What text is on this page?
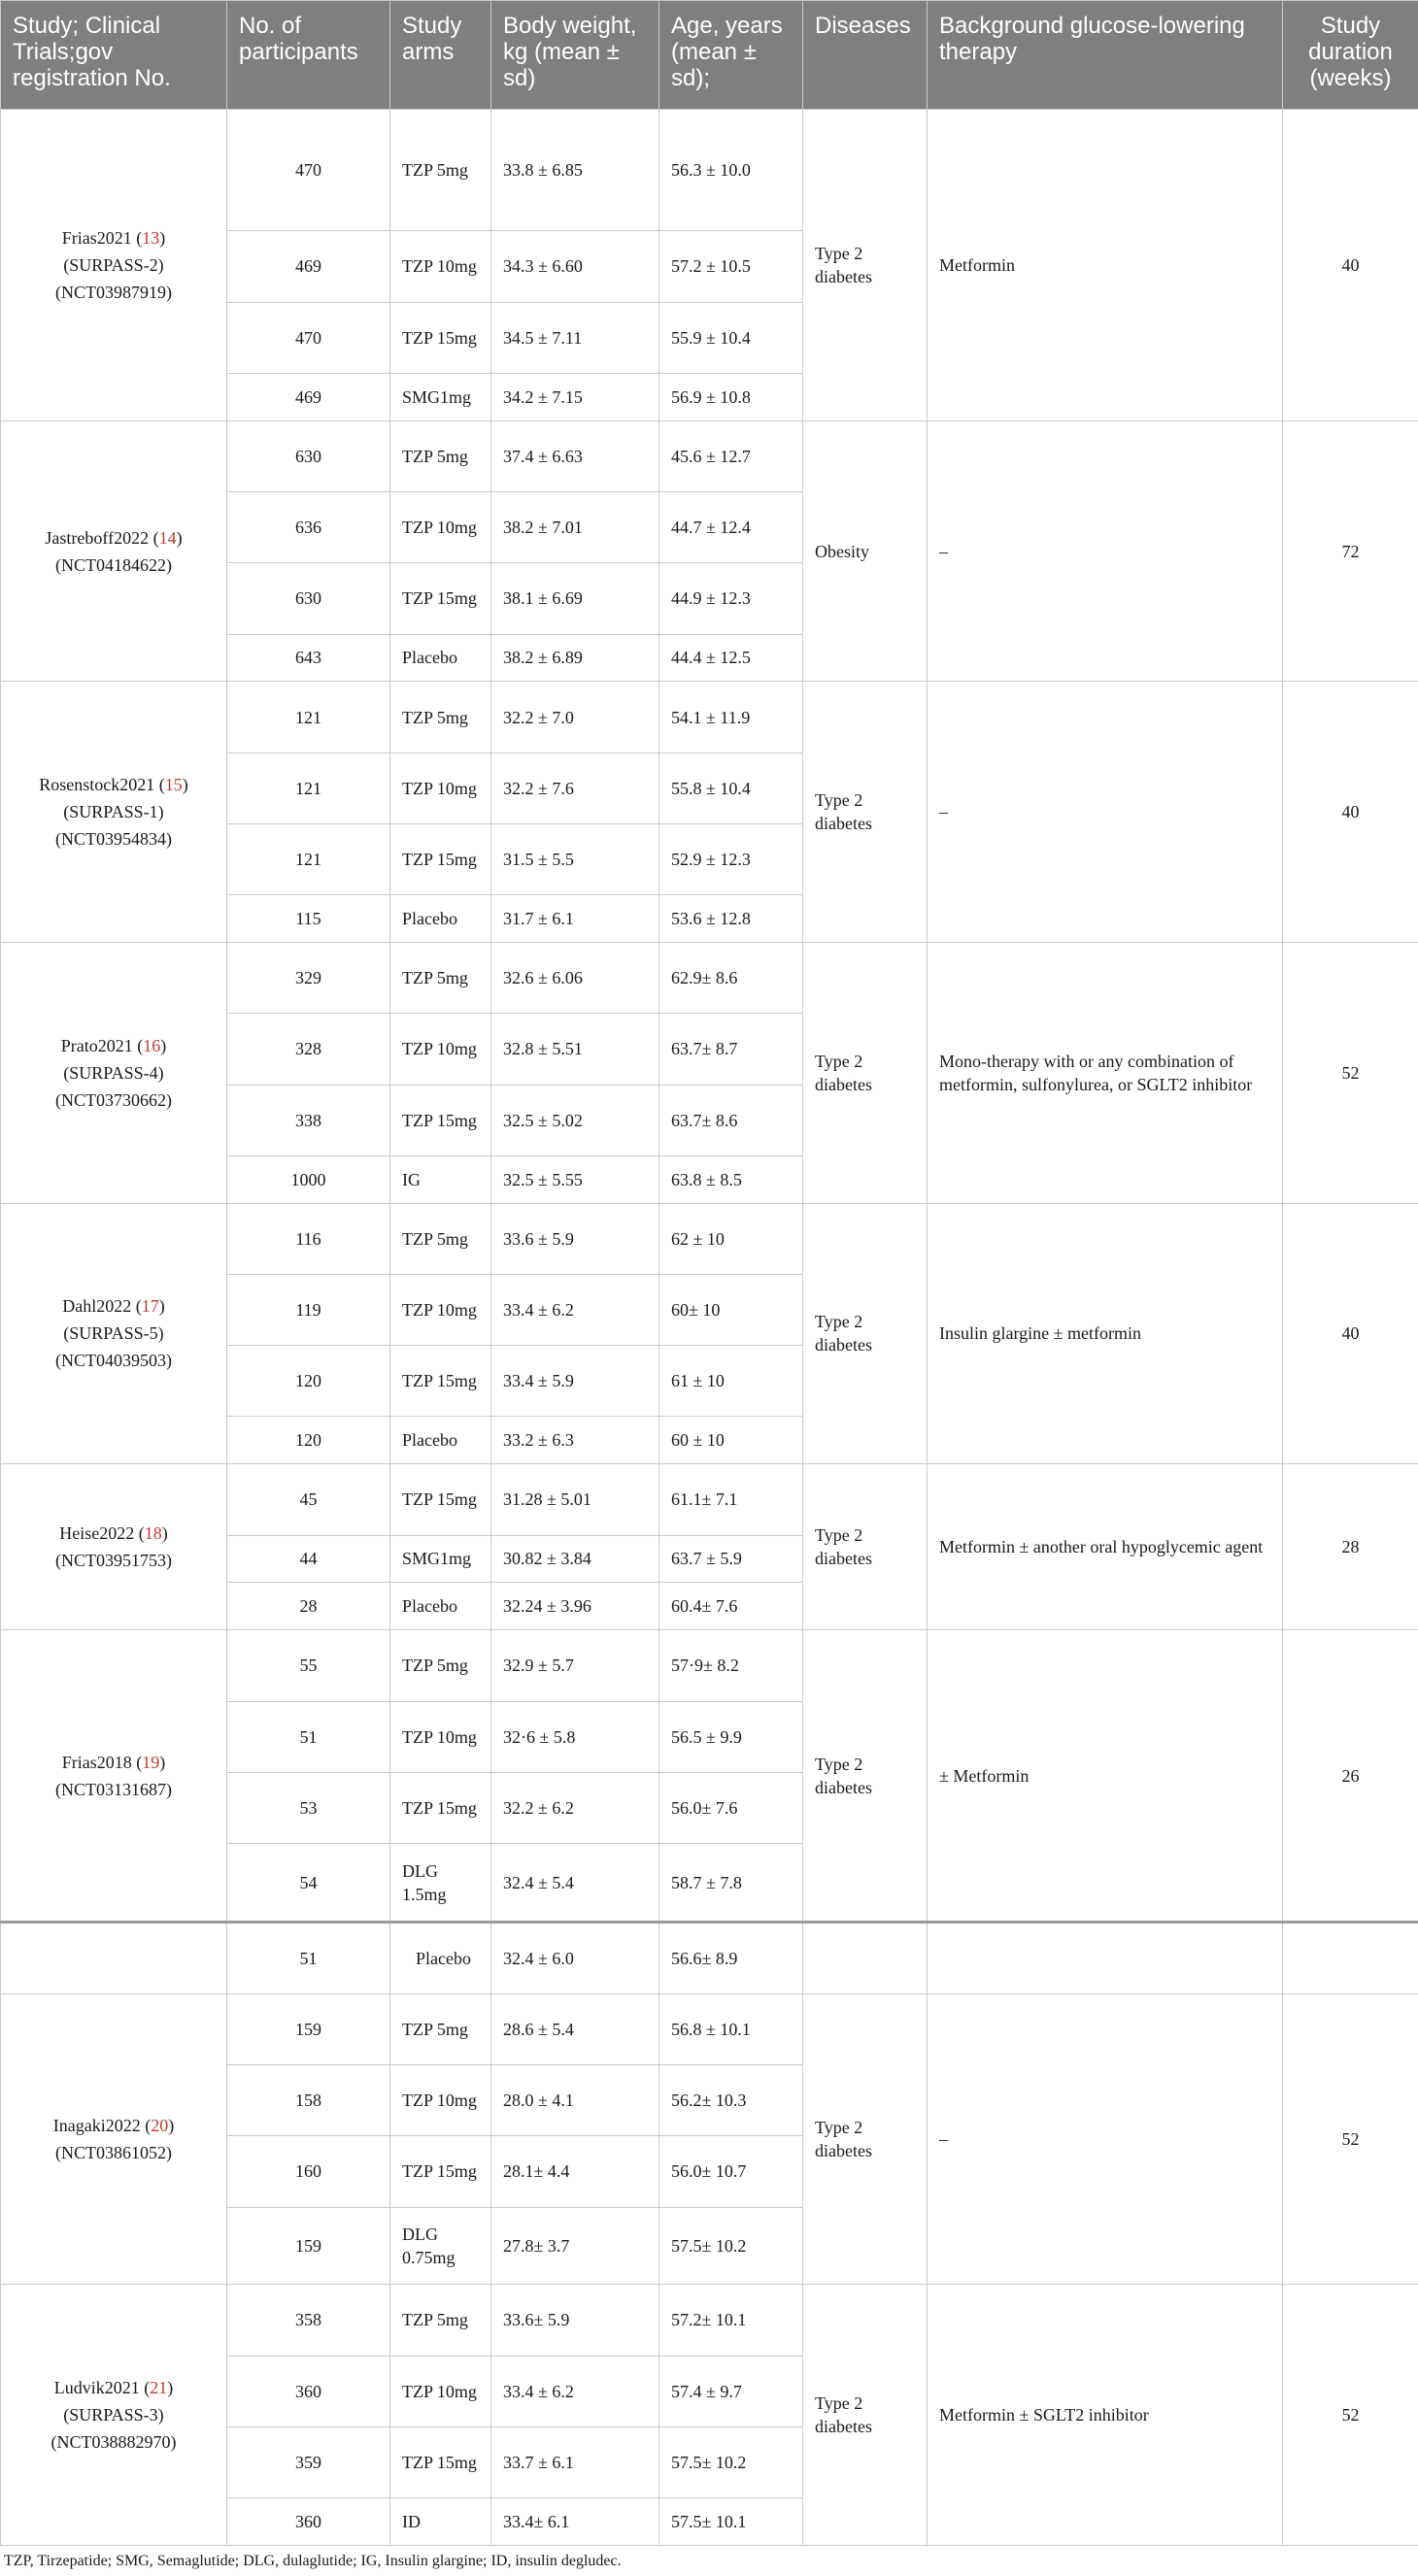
Study; Clinical Trials;gov registration No.	No. of participants	Study arms	Body weight, kg (mean ± sd)	Age, years (mean ± sd);	Diseases	Background glucose-lowering therapy	Study duration (weeks)
Frias2021 (13)
(SURPASS-2)
(NCT03987919)	470	TZP 5mg	33.8 ± 6.85	56.3 ± 10.0	Type 2 diabetes	Metformin	40
	469	TZP 10mg	34.3 ± 6.60	57.2 ± 10.5			
	470	TZP 15mg	34.5 ± 7.11	55.9 ± 10.4			
	469	SMG1mg	34.2 ± 7.15	56.9 ± 10.8			
Jastreboff2022 (14)
(NCT04184622)	630	TZP 5mg	37.4 ± 6.63	45.6 ± 12.7	Obesity	–	72
	636	TZP 10mg	38.2 ± 7.01	44.7 ± 12.4			
	630	TZP 15mg	38.1 ± 6.69	44.9 ± 12.3			
	643	Placebo	38.2 ± 6.89	44.4 ± 12.5			
Rosenstock2021 (15)
(SURPASS-1)
(NCT03954834)	121	TZP 5mg	32.2 ± 7.0	54.1 ± 11.9	Type 2 diabetes	–	40
	121	TZP 10mg	32.2 ± 7.6	55.8 ± 10.4			
	121	TZP 15mg	31.5 ± 5.5	52.9 ± 12.3			
	115	Placebo	31.7 ± 6.1	53.6 ± 12.8			
Prato2021 (16)
(SURPASS-4)
(NCT03730662)	329	TZP 5mg	32.6 ± 6.06	62.9± 8.6	Type 2 diabetes	Mono-therapy with or any combination of metformin, sulfonylurea, or SGLT2 inhibitor	52
	328	TZP 10mg	32.8 ± 5.51	63.7± 8.7			
	338	TZP 15mg	32.5 ± 5.02	63.7± 8.6			
	1000	IG	32.5 ± 5.55	63.8 ± 8.5			
Dahl2022 (17)
(SURPASS-5)
(NCT04039503)	116	TZP 5mg	33.6 ± 5.9	62 ± 10	Type 2 diabetes	Insulin glargine ± metformin	40
	119	TZP 10mg	33.4 ± 6.2	60± 10			
	120	TZP 15mg	33.4 ± 5.9	61 ± 10			
	120	Placebo	33.2 ± 6.3	60 ± 10			
Heise2022 (18)
(NCT03951753)	45	TZP 15mg	31.28 ± 5.01	61.1± 7.1	Type 2 diabetes	Metformin ± another oral hypoglycemic agent	28
	44	SMG1mg	30.82 ± 3.84	63.7 ± 5.9			
	28	Placebo	32.24 ± 3.96	60.4± 7.6			
Frias2018 (19)
(NCT03131687)	55	TZP 5mg	32.9 ± 5.7	57·9± 8.2	Type 2 diabetes	± Metformin	26
	51	TZP 10mg	32·6 ± 5.8	56.5 ± 9.9			
	53	TZP 15mg	32.2 ± 6.2	56.0± 7.6			
	54	DLG 1.5mg	32.4 ± 5.4	58.7 ± 7.8			
	51	Placebo	32.4 ± 6.0	56.6± 8.9			
Inagaki2022 (20)
(NCT03861052)	159	TZP 5mg	28.6 ± 5.4	56.8 ± 10.1	Type 2 diabetes	–	52
	158	TZP 10mg	28.0 ± 4.1	56.2± 10.3			
	160	TZP 15mg	28.1± 4.4	56.0± 10.7			
	159	DLG 0.75mg	27.8± 3.7	57.5± 10.2			
Ludvik2021 (21)
(SURPASS-3)
(NCT038882970)	358	TZP 5mg	33.6± 5.9	57.2± 10.1	Type 2 diabetes	Metformin ± SGLT2 inhibitor	52
	360	TZP 10mg	33.4 ± 6.2	57.4 ± 9.7			
	359	TZP 15mg	33.7 ± 6.1	57.5± 10.2			
	360	ID	33.4± 6.1	57.5± 10.1			
TZP, Tirzepatide; SMG, Semaglutide; DLG, dulaglutide; IG, Insulin glargine; ID, insulin degludec.
